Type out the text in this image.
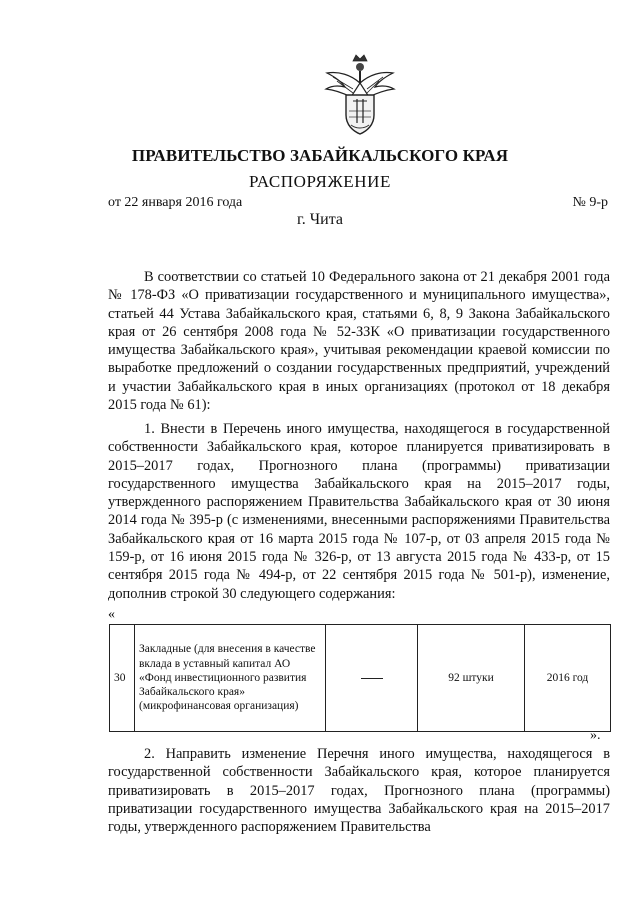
ПРАВИТЕЛЬСТВО ЗАБАЙКАЛЬСКОГО КРАЯ
РАСПОРЯЖЕНИЕ
от 22 января 2016 года	№ 9-р
г. Чита
В соответствии со статьей 10 Федерального закона от 21 декабря 2001 года № 178-ФЗ «О приватизации государственного и муниципального имущества», статьей 44 Устава Забайкальского края, статьями 6, 8, 9 Закона Забайкальского края от 26 сентября 2008 года № 52-ЗЗК «О приватизации государственного имущества Забайкальского края», учитывая рекомендации краевой комиссии по выработке предложений о создании государственных предприятий, учреждений и участии Забайкальского края в иных организациях (протокол от 18 декабря 2015 года № 61):
1. Внести в Перечень иного имущества, находящегося в государственной собственности Забайкальского края, которое планируется приватизировать в 2015–2017 годах, Прогнозного плана (программы) приватизации государственного имущества Забайкальского края на 2015–2017 годы, утвержденного распоряжением Правительства Забайкальского края от 30 июня 2014 года № 395-р (с изменениями, внесенными распоряжениями Правительства Забайкальского края от 16 марта 2015 года № 107-р, от 03 апреля 2015 года № 159-р, от 16 июня 2015 года № 326-р, от 13 августа 2015 года № 433-р, от 15 сентября 2015 года № 494-р, от 22 сентября 2015 года № 501-р), изменение, дополнив строкой 30 следующего содержания:
«
30	Закладные (для внесения в качестве вклада в уставный капитал АО «Фонд инвестиционного развития Забайкальского края» (микрофинансовая организация)		92 штуки	2016 год
».
2. Направить изменение Перечня иного имущества, находящегося в государственной собственности Забайкальского края, которое планируется приватизировать в 2015–2017 годах, Прогнозного плана (программы) приватизации государственного имущества Забайкальского края на 2015–2017 годы, утвержденного распоряжением Правительства
